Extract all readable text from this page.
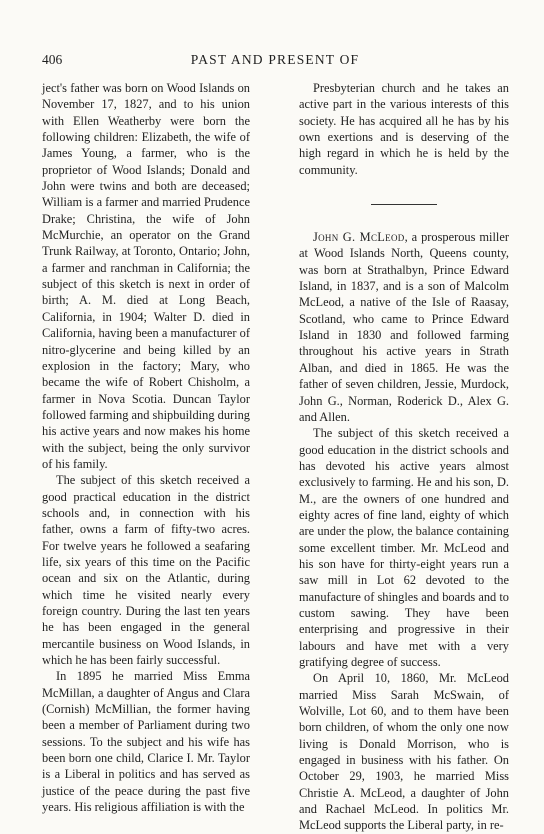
406	PAST AND PRESENT OF

ject's father was born on Wood Islands on November 17, 1827, and to his union with Ellen Weatherby were born the following children: Elizabeth, the wife of James Young, a farmer, who is the proprietor of Wood Islands; Donald and John were twins and both are deceased; William is a farmer and married Prudence Drake; Christina, the wife of John McMurchie, an operator on the Grand Trunk Railway, at Toronto, Ontario; John, a farmer and ranchman in California; the subject of this sketch is next in order of birth; A. M. died at Long Beach, California, in 1904; Walter D. died in California, having been a manufacturer of nitro-glycerine and being killed by an explosion in the factory; Mary, who became the wife of Robert Chisholm, a farmer in Nova Scotia. Duncan Taylor followed farming and shipbuilding during his active years and now makes his home with the subject, being the only survivor of his family.

The subject of this sketch received a good practical education in the district schools and, in connection with his father, owns a farm of fifty-two acres. For twelve years he followed a seafaring life, six years of this time on the Pacific ocean and six on the Atlantic, during which time he visited nearly every foreign country. During the last ten years he has been engaged in the general mercantile business on Wood Islands, in which he has been fairly successful.

In 1895 he married Miss Emma McMillan, a daughter of Angus and Clara (Cornish) McMillian, the former having been a member of Parliament during two sessions. To the subject and his wife has been born one child, Clarice I. Mr. Taylor is a Liberal in politics and has served as justice of the peace during the past five years. His religious affiliation is with the

Presbyterian church and he takes an active part in the various interests of this society. He has acquired all he has by his own exertions and is deserving of the high regard in which he is held by the community.

John G. McLeod, a prosperous miller at Wood Islands North, Queens county, was born at Strathalbyn, Prince Edward Island, in 1837, and is a son of Malcolm McLeod, a native of the Isle of Raasay, Scotland, who came to Prince Edward Island in 1830 and followed farming throughout his active years in Strath Alban, and died in 1865. He was the father of seven children, Jessie, Murdock, John G., Norman, Roderick D., Alex G. and Allen.

The subject of this sketch received a good education in the district schools and has devoted his active years almost exclusively to farming. He and his son, D. M., are the owners of one hundred and eighty acres of fine land, eighty of which are under the plow, the balance containing some excellent timber. Mr. McLeod and his son have for thirty-eight years run a saw mill in Lot 62 devoted to the manufacture of shingles and boards and to custom sawing. They have been enterprising and progressive in their labours and have met with a very gratifying degree of success.

On April 10, 1860, Mr. McLeod married Miss Sarah McSwain, of Wolville, Lot 60, and to them have been born children, of whom the only one now living is Donald Morrison, who is engaged in business with his father. On October 29, 1903, he married Miss Christie A. McLeod, a daughter of John and Rachael McLeod. In politics Mr. McLeod supports the Liberal party, in re-
